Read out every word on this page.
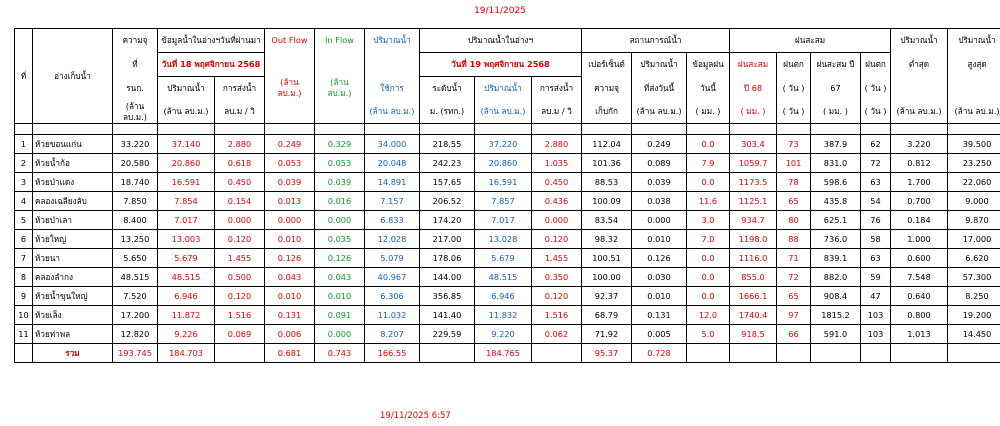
19/11/2025
ที่	อ่างเก็บน้ำ	ความจุ	ข้อมูลน้ำในอ่างฯวันที่ผ่านมา		Out Flow	In Flow	ปริมาณน้ำ	ปริมาณน้ำในอ่างฯ			สถานการณ์น้ำ			ฝนสะสม				ปริมาณน้ำ	ปริมาณน้ำ
		ที่	วันที่ 18 พฤศจิกายน 2568					วันที่ 19 พฤศจิกายน 2568			เปอร์เซ็นต์	ปริมาณน้ำ	ข้อมูลฝน	ฝนสะสม	ฝนตก	ฝนสะสม ปี	ฝนตก	ต่ำสุด	สูงสุด
		รนก.	ปริมาณน้ำ	การส่งน้ำ	(ล้าน ลบ.ม.)	(ล้าน ลบ.ม.)	ใช้การ	ระดับน้ำ	ปริมาณน้ำ	การส่งน้ำ	ความจุ	ที่ส่งวันนี้	วันนี้	ปี 68	( วัน )	67	( วัน )		
		(ล้าน ลบ.ม.)	(ล้าน ลบ.ม.)	ลบ.ม / วิ			(ล้าน ลบ.ม.)	ม. (รทก.)	(ล้าน ลบ.ม.)	ลบ.ม / วิ	เก็บกัก	(ล้าน ลบ.ม.)	( มม. )	( มม. )	( วัน )	( มม. )	( วัน )	(ล้าน ลบ.ม.)	(ล้าน ลบ.ม.)

1	ห้วยขอนแก่น	33.220	37.140	2.880	0.249	0.329	34.000	218.55	37.220	2.880	112.04	0.249	0.0	303.4	73	387.9	62	3.220	39.500
2	ห้วยน้ำก้อ	20.580	20.860	0.618	0.053	0.053	20.048	242.23	20.860	1.035	101.36	0.089	7.9	1059.7	101	831.0	72	0.812	23.250
3	ห้วยป่าแดง	18.740	16.591	0.450	0.039	0.039	14.891	157.65	16.591	0.450	88.53	0.039	0.0	1173.5	78	598.6	63	1.700	22.060
4	คลองเฉลียงลับ	7.850	7.854	0.154	0.013	0.016	7.157	206.52	7.857	0.436	100.09	0.038	11.6	1125.1	65	435.8	54	0.700	9.000
5	ห้วยป่าเลา	8.400	7.017	0.000	0.000	0.000	6.833	174.20	7.017	0.000	83.54	0.000	3.0	934.7	80	625.1	76	0.184	9.870
6	ห้วยใหญ่	13.250	13.003	0.120	0.010	0.035	12.028	217.00	13.028	0.120	98.32	0.010	7.0	1198.0	88	736.0	58	1.000	17.000
7	ห้วยนา	5.650	5.679	1.455	0.126	0.126	5.079	178.06	5.679	1.455	100.51	0.126	0.0	1116.0	71	839.1	63	0.600	6.620
8	คลองลำกง	48.515	48.515	0.500	0.043	0.043	40.967	144.00	48.515	0.350	100.00	0.030	0.0	855.0	72	882.0	59	7.548	57.300
9	ห้วยน้ำขุนใหญ่	7.520	6.946	0.120	0.010	0.010	6.306	356.85	6.946	0.120	92.37	0.010	0.0	1666.1	65	908.4	47	0.640	8.250
10	ห้วยเล็ง	17.200	11.872	1.516	0.131	0.091	11.032	141.40	11.832	1.516	68.79	0.131	12.0	1740.4	97	1815.2	103	0.800	19.200
11	ห้วยท่าพล	12.820	9.226	0.069	0.006	0.000	8.207	229.59	9.220	0.062	71.92	0.005	5.0	918.5	66	591.0	103	1.013	14.450
	รวม	193.745	184.703		0.681	0.743	166.55		184.765		95.37	0.728							
19/11/2025 6:57
